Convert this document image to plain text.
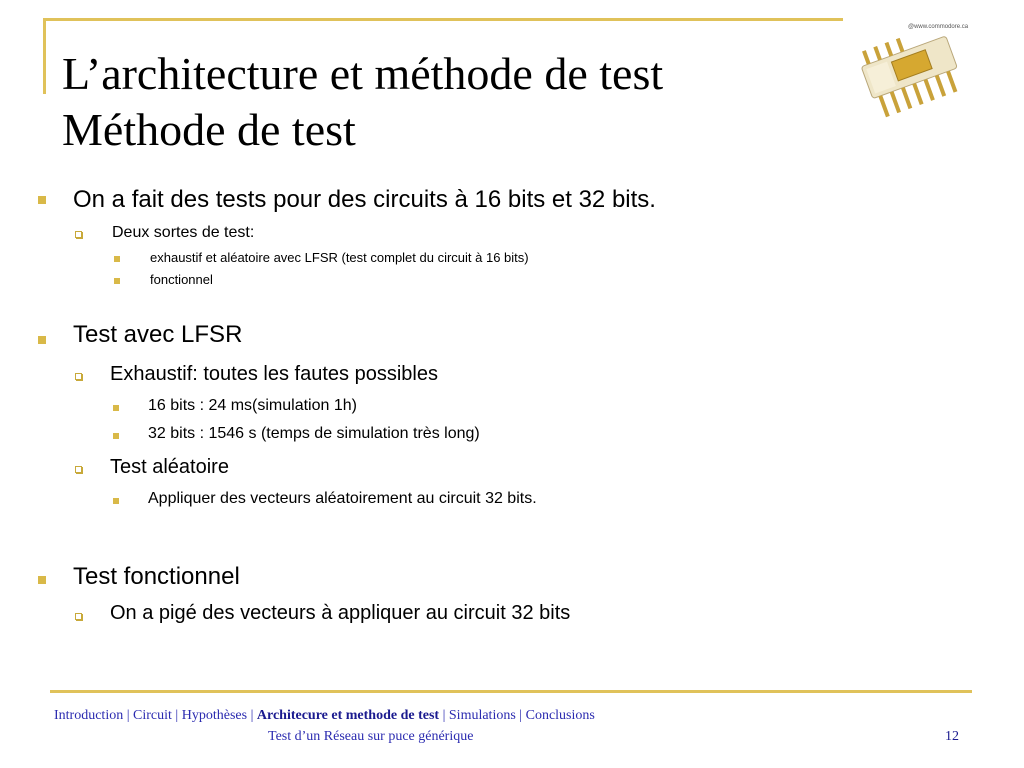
L’architecture et méthode de test
Méthode de test
@www.commodore.ca
On a fait des tests pour des circuits à 16 bits et 32 bits.
Deux sortes de test:
exhaustif et aléatoire avec LFSR (test complet du circuit à 16 bits)
fonctionnel
Test avec LFSR
Exhaustif: toutes les fautes possibles
16 bits : 24 ms(simulation 1h)
32 bits : 1546 s (temps de simulation très long)
Test aléatoire
Appliquer des vecteurs aléatoirement au circuit 32 bits.
Test fonctionnel
On a pigé des vecteurs à appliquer au circuit 32 bits
Introduction | Circuit | Hypothèses | Architecure et methode de test | Simulations | Conclusions
Test d’un Réseau sur puce générique	12
